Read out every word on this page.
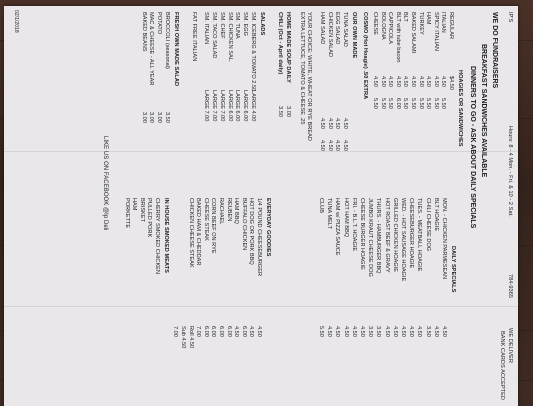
IP'S
Hours: 8 - 4 Mon. - Fri. & 10 - 2 Sat.
784-9365
WE DELIVER
BANK CARDS ACCEPTED
WE DO FUNDRAISERS
BREAKFAST SANDWICHES AVAILABLE
DINNERS TO GO - ASK ABOUT DAILY SPECIALS
HOAGIES OR SANDWICHES
REGULAR
$4.50
ITALIAN
4.50
5.50
SPICY ITALIAN
4.50
5.50
HAM
4.50
5.50
TURKEY
4.50
5.50
BAKED SALAMI
4.50
5.50
BLT
4.50
5.50
BLT with tube bacon
4.50
6.00
CAPPICOLA
4.50
5.50
BOLOGNA
4.50
5.50
CHEESE
4.50
5.50
COSMO (Hot Hoagie) .50 EXTRA
OUR OWN MADE
TUNA SALAD
4.50
4.50
EGG SALAD
4.50
4.50
CHICKEN SALAD
4.50
4.50
HAM SALAD
4.50
4.50
YOUR CHOICE: WHITE, WHEAT OR RYE BREAD
EXTRA LETTUCE, TOMATO & CHEESE .25
HOME MADE SOUP DAILY
3.00
CHILI (Oct - April daily)
3.50
SALADS
SM. ICEBERG & TOMATO 2.50
LARGE 4.00
SM. EGG
LARGE 6.00
SM. TUNA
LARGE 6.00
SM. CHICKEN SAL.
LARGE 6.00
SM. CHEF
LARGE 7.00
SM. TACO SALAD
LARGE 7.00
SM. ITALIAN
LARGE 7.00
FAT FREE ITALIAN
FRESH OWN MADE SALAD
BROCCOLI (seasonal)
3.50
POTATO
3.00
MAC & CHEESE - ALL YEAR
3.00
BAKED BEANS
3.00
DAILY SPECIALS
MON. - CHICKEN PARMESEAN
4.50
BLT HOAGIE
4.50
CHILI CHEESE DOG
3.50
TUES. - MEATBALL HOAGIE
4.50
CHEESEBURGER HOAGIE
4.50
WED. - HOT SAUSAGE HOAGIE
4.50
GRILLED CHICKEN HOAGIE
4.50
HOT ROAST BEEF & GRAVY
4.50
THURS. - HAMBURGER BBQ
3.50
JUMBO KRAUT CHEESE DOG
3.50
CHEESE BURGER HOAGIE
4.50
FRI. - B.L.T. HOAGIE
4.50
HOT HAM BBQ
4.50
HAM w/ PIZZA SAUCE
4.50
TUNA MELT
4.50
CLUB
5.50
EVERYDAY GOODIES
1/4 POUND CHEESEBURGER
4.50
HOT DOG OR PORK BBQ
4.50
BUFFALO CHICKEN
6.00
HAM BBQ
4.50
REUBEN
6.00
RACHAEL
6.00
CORN BEEF ON RYE
6.00
CHEESE STEAK
6.00
BAKED HAM & CHEDDAR
7.00
CHICKEN CHEESE STEAK
Roll 4.50
Sub 4.50
7.00
IN HOUSE SMOKED MEATS
CHERRY SMOKED CHICKEN
PULLED PORK
BRISKET
HAM
PORKETTE
LIKE US ON FACEBOOK @Ip Deli
02/1/2018
